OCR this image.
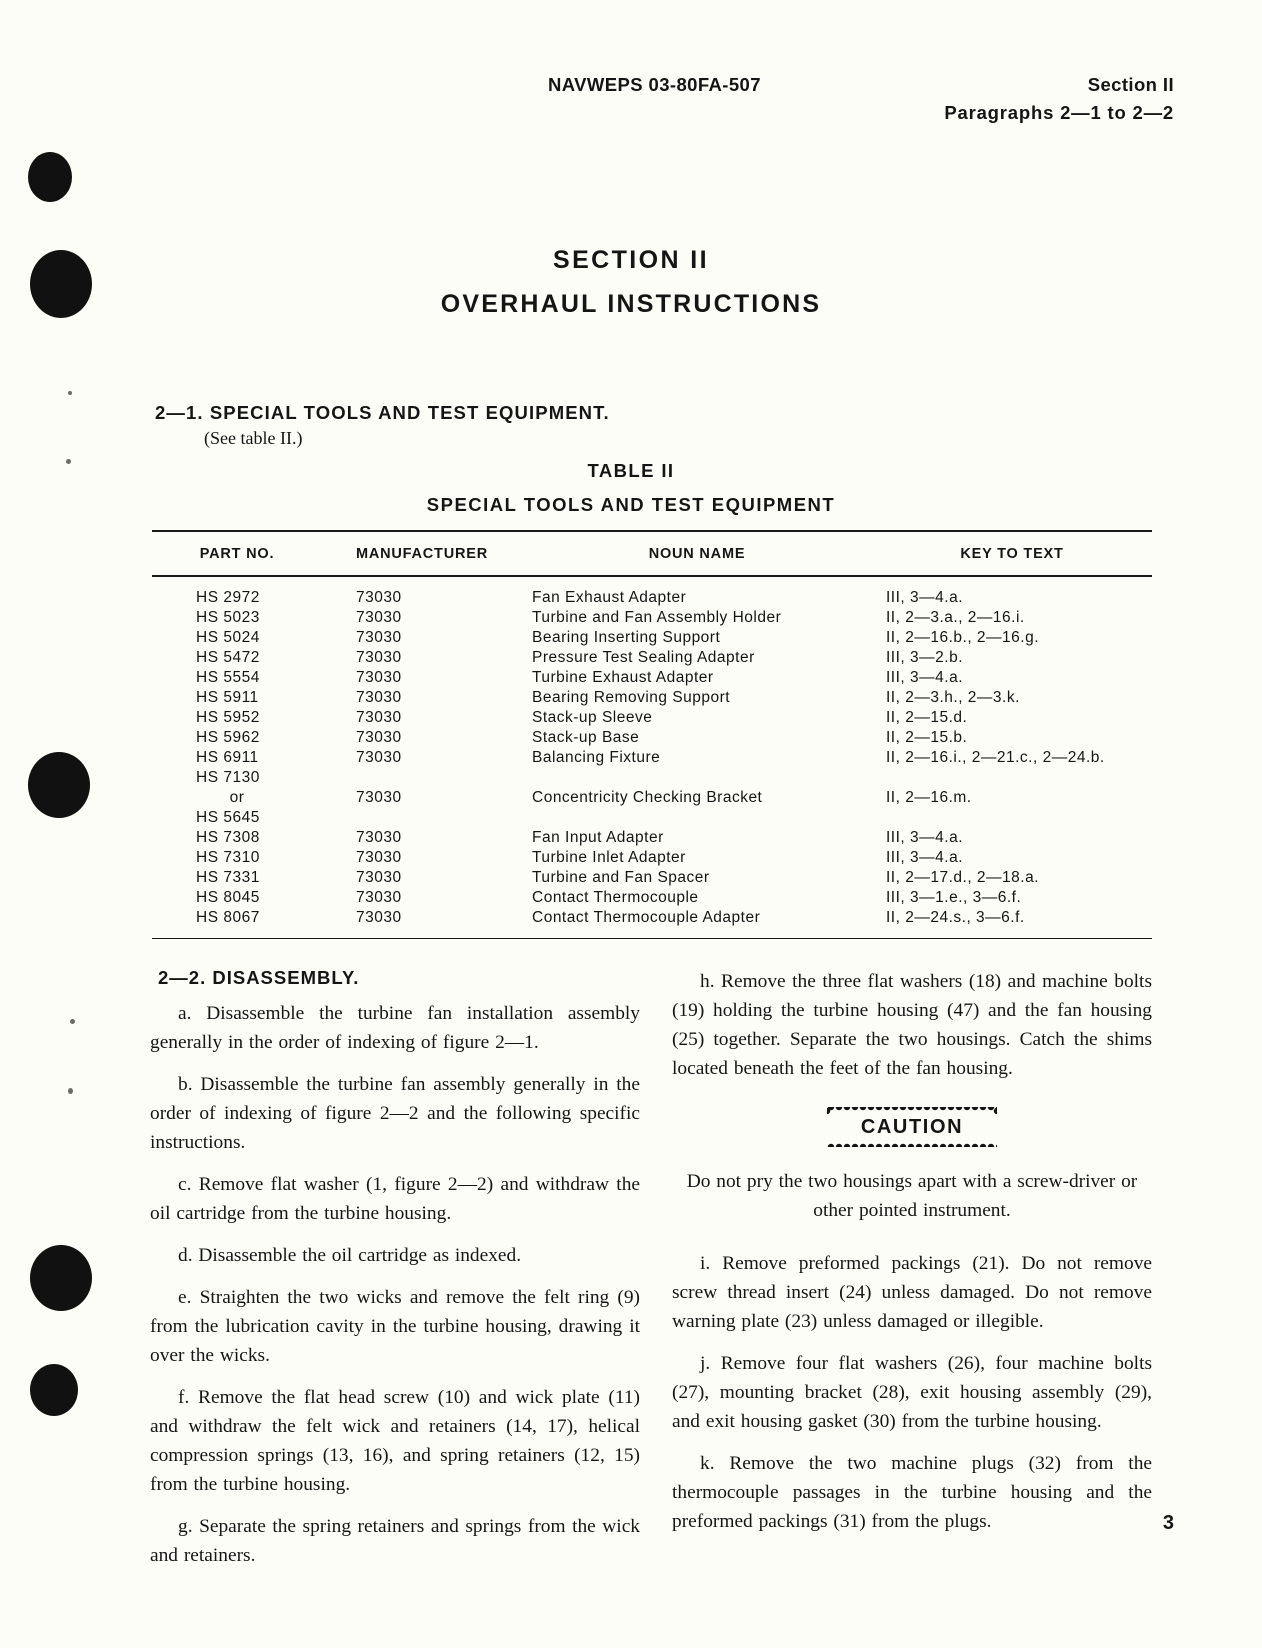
NAVWEPS 03-80FA-507	Section II
Paragraphs 2—1 to 2—2
SECTION II
OVERHAUL INSTRUCTIONS
2—1. SPECIAL TOOLS AND TEST EQUIPMENT.
(See table II.)
TABLE II
SPECIAL TOOLS AND TEST EQUIPMENT
PART NO.	MANUFACTURER	NOUN NAME	KEY TO TEXT
HS 2972	73030	Fan Exhaust Adapter	III, 3—4.a.
HS 5023	73030	Turbine and Fan Assembly Holder	II, 2—3.a., 2—16.i.
HS 5024	73030	Bearing Inserting Support	II, 2—16.b., 2—16.g.
HS 5472	73030	Pressure Test Sealing Adapter	III, 3—2.b.
HS 5554	73030	Turbine Exhaust Adapter	III, 3—4.a.
HS 5911	73030	Bearing Removing Support	II, 2—3.h., 2—3.k.
HS 5952	73030	Stack-up Sleeve	II, 2—15.d.
HS 5962	73030	Stack-up Base	II, 2—15.b.
HS 6911	73030	Balancing Fixture	II, 2—16.i., 2—21.c., 2—24.b.
HS 7130
or	73030	Concentricity Checking Bracket	II, 2—16.m.
HS 5645
HS 7308	73030	Fan Input Adapter	III, 3—4.a.
HS 7310	73030	Turbine Inlet Adapter	III, 3—4.a.
HS 7331	73030	Turbine and Fan Spacer	II, 2—17.d., 2—18.a.
HS 8045	73030	Contact Thermocouple	III, 3—1.e., 3—6.f.
HS 8067	73030	Contact Thermocouple Adapter	II, 2—24.s., 3—6.f.
2—2. DISASSEMBLY.
a. Disassemble the turbine fan installation assembly generally in the order of indexing of figure 2—1.
b. Disassemble the turbine fan assembly generally in the order of indexing of figure 2—2 and the following specific instructions.
c. Remove flat washer (1, figure 2—2) and withdraw the oil cartridge from the turbine housing.
d. Disassemble the oil cartridge as indexed.
e. Straighten the two wicks and remove the felt ring (9) from the lubrication cavity in the turbine housing, drawing it over the wicks.
f. Remove the flat head screw (10) and wick plate (11) and withdraw the felt wick and retainers (14, 17), helical compression springs (13, 16), and spring retainers (12, 15) from the turbine housing.
g. Separate the spring retainers and springs from the wick and retainers.
h. Remove the three flat washers (18) and machine bolts (19) holding the turbine housing (47) and the fan housing (25) together. Separate the two housings. Catch the shims located beneath the feet of the fan housing.
CAUTION
Do not pry the two housings apart with a screw-driver or other pointed instrument.
i. Remove preformed packings (21). Do not remove screw thread insert (24) unless damaged. Do not remove warning plate (23) unless damaged or illegible.
j. Remove four flat washers (26), four machine bolts (27), mounting bracket (28), exit housing assembly (29), and exit housing gasket (30) from the turbine housing.
k. Remove the two machine plugs (32) from the thermocouple passages in the turbine housing and the preformed packings (31) from the plugs.	3
